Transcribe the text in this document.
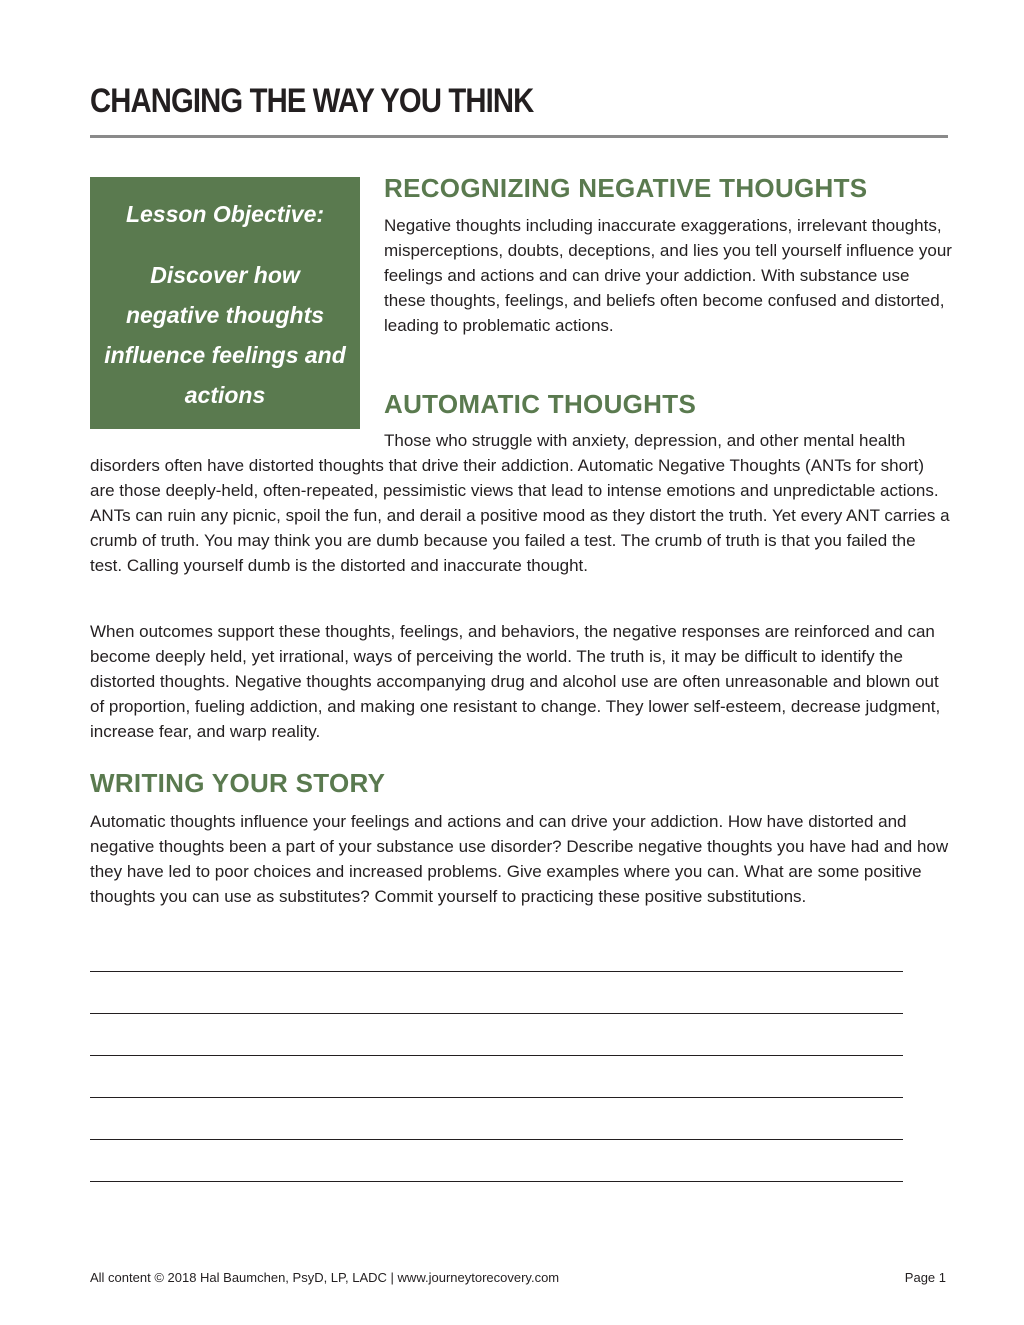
CHANGING THE WAY YOU THINK
Lesson Objective:
Discover how negative thoughts influence feelings and actions
RECOGNIZING NEGATIVE THOUGHTS

Negative thoughts including inaccurate exaggerations, irrelevant thoughts, misperceptions, doubts, deceptions, and lies you tell yourself influence your feelings and actions and can drive your addiction. With substance use these thoughts, feelings, and beliefs often become confused and distorted, leading to problematic actions.

AUTOMATIC THOUGHTS

Those who struggle with anxiety, depression, and other mental health disorders often have distorted thoughts that drive their addiction. Automatic Negative Thoughts (ANTs for short) are those deeply-held, often-repeated, pessimistic views that lead to intense emotions and unpredictable actions. ANTs can ruin any picnic, spoil the fun, and derail a positive mood as they distort the truth. Yet every ANT carries a crumb of truth. You may think you are dumb because you failed a test. The crumb of truth is that you failed the test. Calling yourself dumb is the distorted and inaccurate thought.

When outcomes support these thoughts, feelings, and behaviors, the negative responses are reinforced and can become deeply held, yet irrational, ways of perceiving the world. The truth is, it may be difficult to identify the distorted thoughts. Negative thoughts accompanying drug and alcohol use are often unreasonable and blown out of proportion, fueling addiction, and making one resistant to change. They lower self-esteem, decrease judgment, increase fear, and warp reality.

WRITING YOUR STORY

Automatic thoughts influence your feelings and actions and can drive your addiction. How have distorted and negative thoughts been a part of your substance use disorder? Describe negative thoughts you have had and how they have led to poor choices and increased problems. Give examples where you can. What are some positive thoughts you can use as substitutes? Commit yourself to practicing these positive substitutions.

All content © 2018 Hal Baumchen, PsyD, LP, LADC | www.journeytorecovery.com	Page 1
